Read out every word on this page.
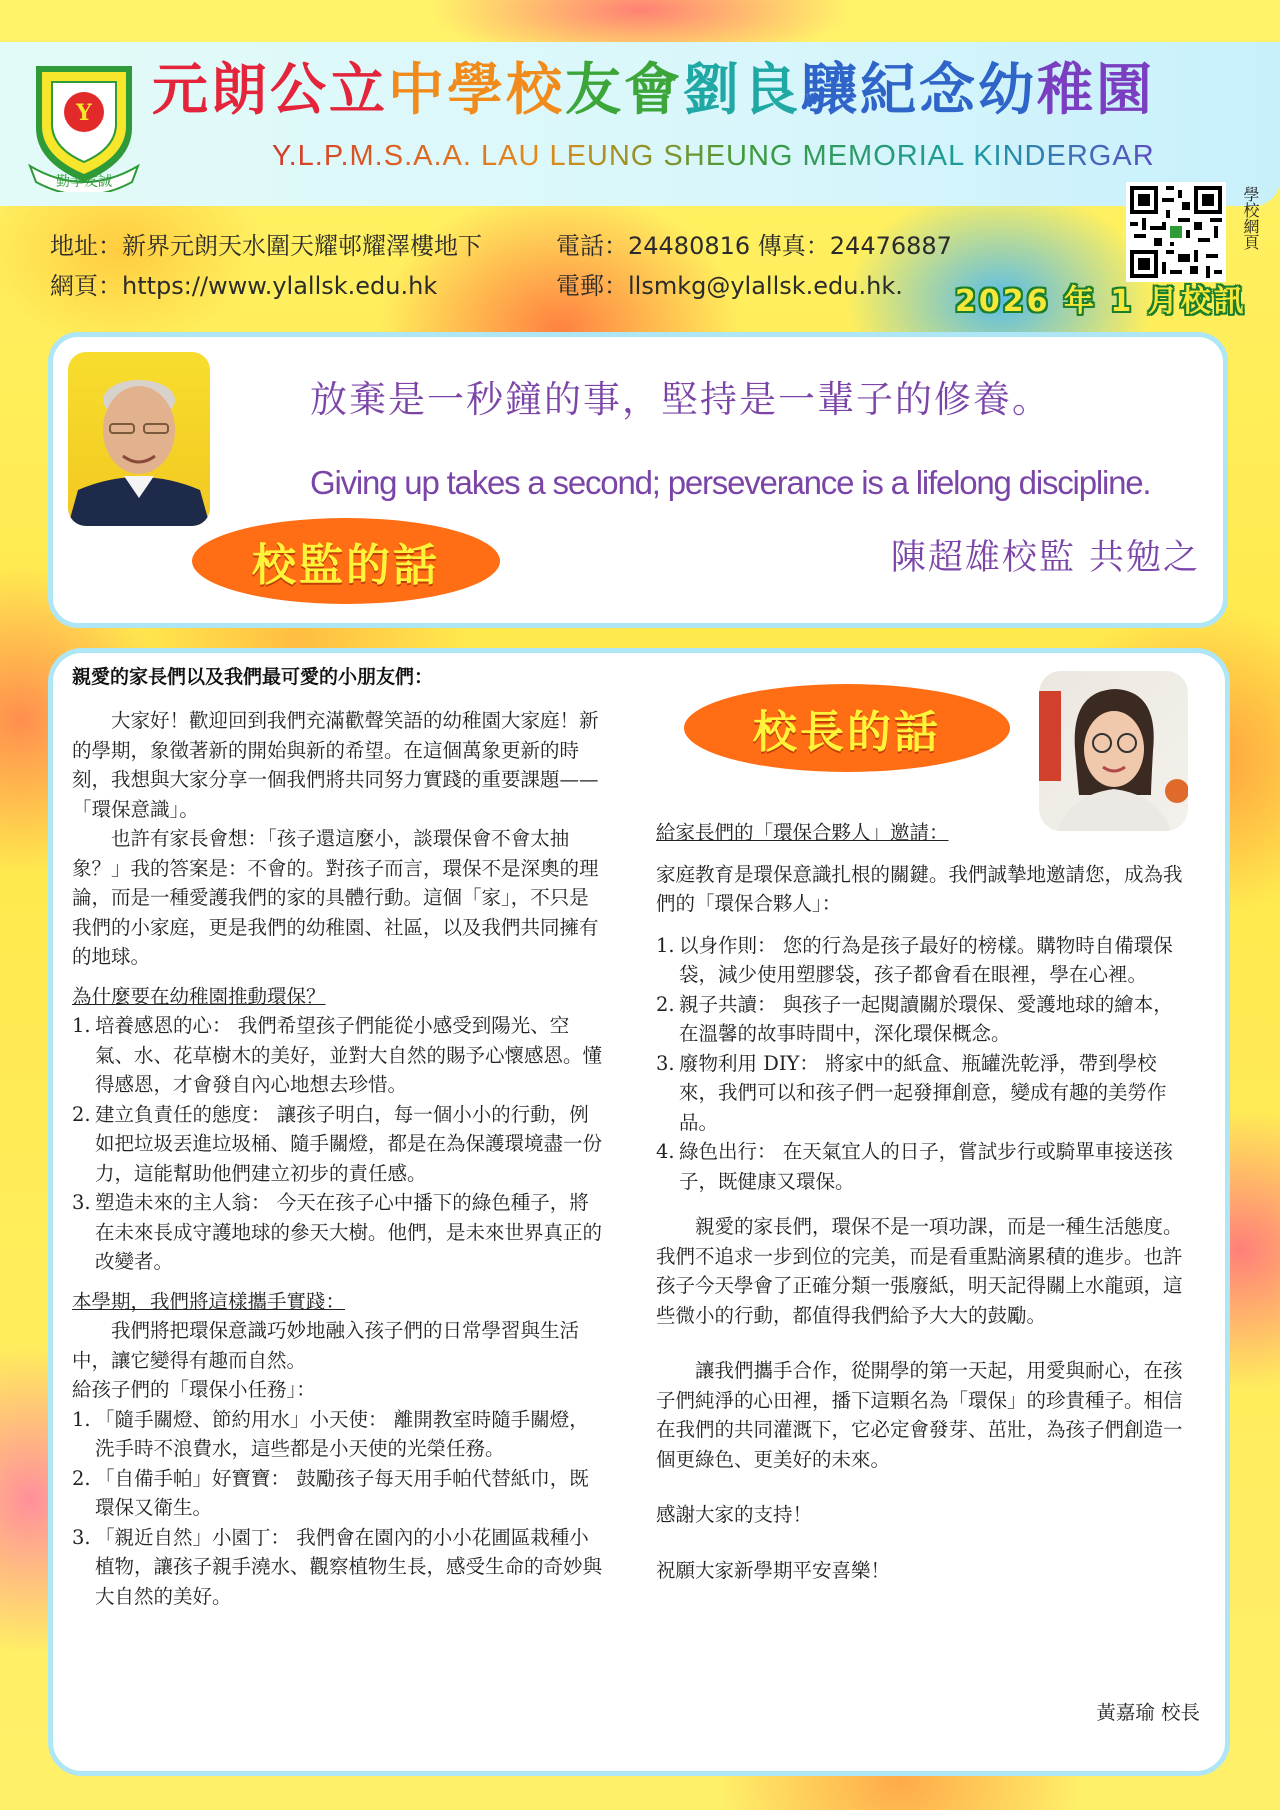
Y
勤孝友誠
元朗公立中學校友會劉良驤紀念幼稚園
Y.L.P.M.S.A.A. LAU LEUNG SHEUNG MEMORIAL KINDERGARTEN
學校網頁
地址：新界元朗天水圍天耀邨耀澤樓地下	電話：24480816 傳真：24476887
網頁：https://www.ylallsk.edu.hk	電郵：llsmkg@ylallsk.edu.hk. 2026 年 1 月校訊
校監的話
放棄是一秒鐘的事，堅持是一輩子的修養。
Giving up takes a second; perseverance is a lifelong discipline.
陳超雄校監 共勉之
親愛的家長們以及我們最可愛的小朋友們：
校長的話

大家好！歡迎回到我們充滿歡聲笑語的幼稚園大家庭！新的學期，象徵著新的開始與新的希望。在這個萬象更新的時刻，我想與大家分享一個我們將共同努力實踐的重要課題——「環保意識」。

也許有家長會想：「孩子還這麼小，談環保會不會太抽象？」我的答案是：不會的。對孩子而言，環保不是深奧的理論，而是一種愛護我們的家的具體行動。這個「家」，不只是我們的小家庭，更是我們的幼稚園、社區，以及我們共同擁有的地球。

為什麼要在幼稚園推動環保？

1. 培養感恩的心： 我們希望孩子們能從小感受到陽光、空氣、水、花草樹木的美好，並對大自然的賜予心懷感恩。懂得感恩，才會發自內心地想去珍惜。
2. 建立負責任的態度： 讓孩子明白，每一個小小的行動，例如把垃圾丟進垃圾桶、隨手關燈，都是在為保護環境盡一份力，這能幫助他們建立初步的責任感。
3. 塑造未來的主人翁： 今天在孩子心中播下的綠色種子，將在未來長成守護地球的參天大樹。他們，是未來世界真正的改變者。

本學期，我們將這樣攜手實踐：

我們將把環保意識巧妙地融入孩子們的日常學習與生活中，讓它變得有趣而自然。

給孩子們的「環保小任務」：

1. 「隨手關燈、節約用水」小天使： 離開教室時隨手關燈，洗手時不浪費水，這些都是小天使的光榮任務。
2. 「自備手帕」好寶寶： 鼓勵孩子每天用手帕代替紙巾，既環保又衛生。
3. 「親近自然」小園丁： 我們會在園內的小小花圃區栽種小植物，讓孩子親手澆水、觀察植物生長，感受生命的奇妙與大自然的美好。

給家長們的「環保合夥人」邀請：

家庭教育是環保意識扎根的關鍵。我們誠摯地邀請您，成為我們的「環保合夥人」：

1. 以身作則： 您的行為是孩子最好的榜樣。購物時自備環保袋，減少使用塑膠袋，孩子都會看在眼裡，學在心裡。
2. 親子共讀： 與孩子一起閱讀關於環保、愛護地球的繪本，在溫馨的故事時間中，深化環保概念。
3. 廢物利用 DIY： 將家中的紙盒、瓶罐洗乾淨，帶到學校來，我們可以和孩子們一起發揮創意，變成有趣的美勞作品。
4. 綠色出行： 在天氣宜人的日子，嘗試步行或騎單車接送孩子，既健康又環保。

親愛的家長們，環保不是一項功課，而是一種生活態度。我們不追求一步到位的完美，而是看重點滴累積的進步。也許孩子今天學會了正確分類一張廢紙，明天記得關上水龍頭，這些微小的行動，都值得我們給予大大的鼓勵。

讓我們攜手合作，從開學的第一天起，用愛與耐心，在孩子們純淨的心田裡，播下這顆名為「環保」的珍貴種子。相信在我們的共同灌溉下，它必定會發芽、茁壯，為孩子們創造一個更綠色、更美好的未來。

感謝大家的支持！

祝願大家新學期平安喜樂！

黃嘉瑜 校長
